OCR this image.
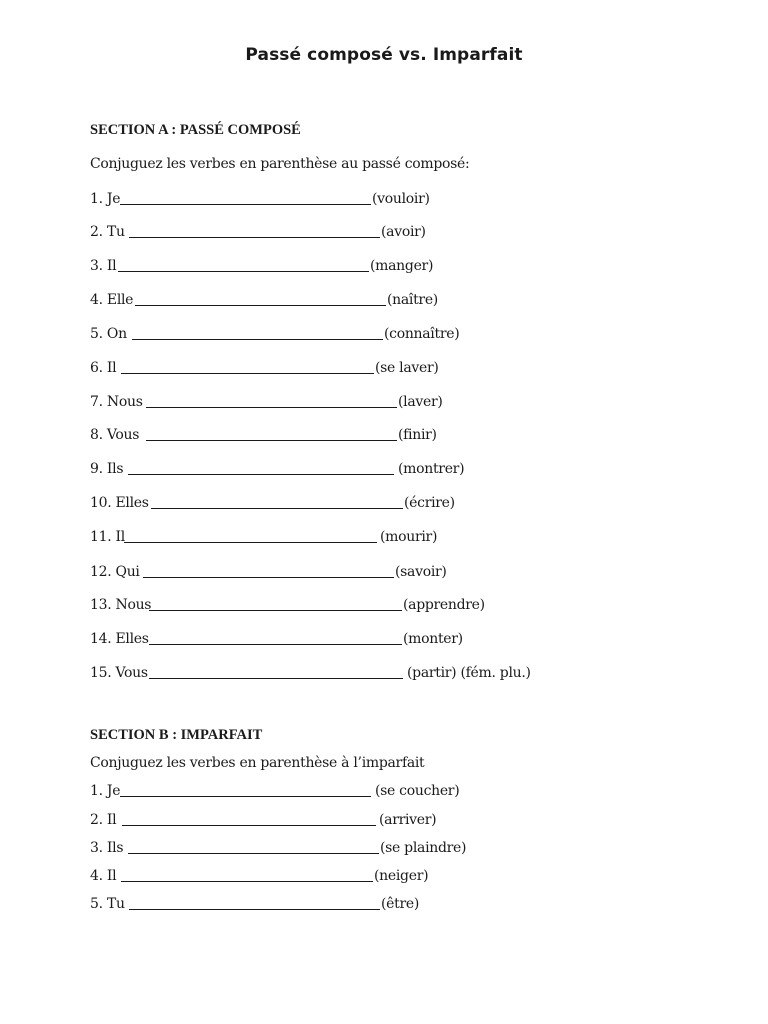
Passé composé vs. Imparfait
SECTION A : PASSÉ COMPOSÉ
Conjuguez les verbes en parenthèse au passé composé:
1. Je	(vouloir)
2. Tu	(avoir)
3. Il	(manger)
4. Elle	(naître)
5. On	(connaître)
6. Il	(se laver)
7. Nous	(laver)
8. Vous	(finir)
9. Ils	(montrer)
10. Elles	(écrire)
11. Il	(mourir)
12. Qui	(savoir)
13. Nous	(apprendre)
14. Elles	(monter)
15. Vous	(partir) (fém. plu.)
SECTION B : IMPARFAIT
Conjuguez les verbes en parenthèse à l’imparfait
1. Je	(se coucher)
2. Il	(arriver)
3. Ils	(se plaindre)
4. Il	(neiger)
5. Tu	(être)
